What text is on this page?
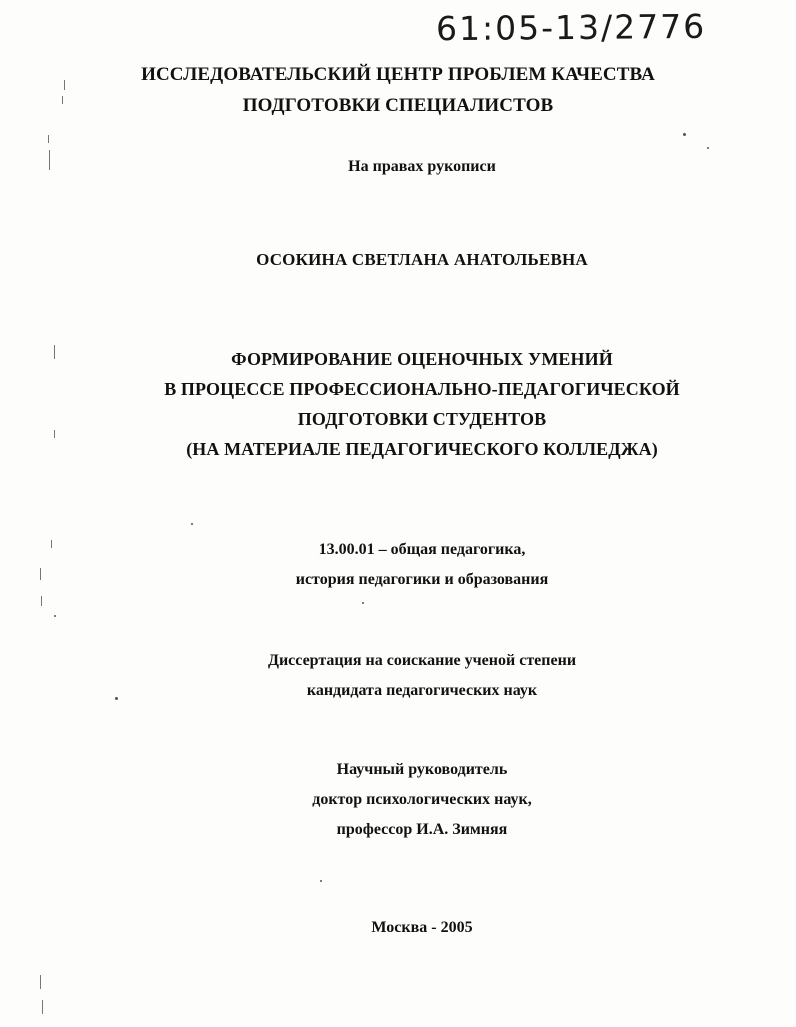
61:05-13/2776
ИССЛЕДОВАТЕЛЬСКИЙ ЦЕНТР ПРОБЛЕМ КАЧЕСТВА
ПОДГОТОВКИ СПЕЦИАЛИСТОВ
На правах рукописи
ОСОКИНА СВЕТЛАНА АНАТОЛЬЕВНА
ФОРМИРОВАНИЕ ОЦЕНОЧНЫХ УМЕНИЙ
В ПРОЦЕССЕ ПРОФЕССИОНАЛЬНО-ПЕДАГОГИЧЕСКОЙ
ПОДГОТОВКИ СТУДЕНТОВ
(НА МАТЕРИАЛЕ ПЕДАГОГИЧЕСКОГО КОЛЛЕДЖА)
13.00.01 – общая педагогика,
история педагогики и образования
Диссертация на соискание ученой степени
кандидата педагогических наук
Научный руководитель
доктор психологических наук,
профессор И.А. Зимняя
Москва - 2005
